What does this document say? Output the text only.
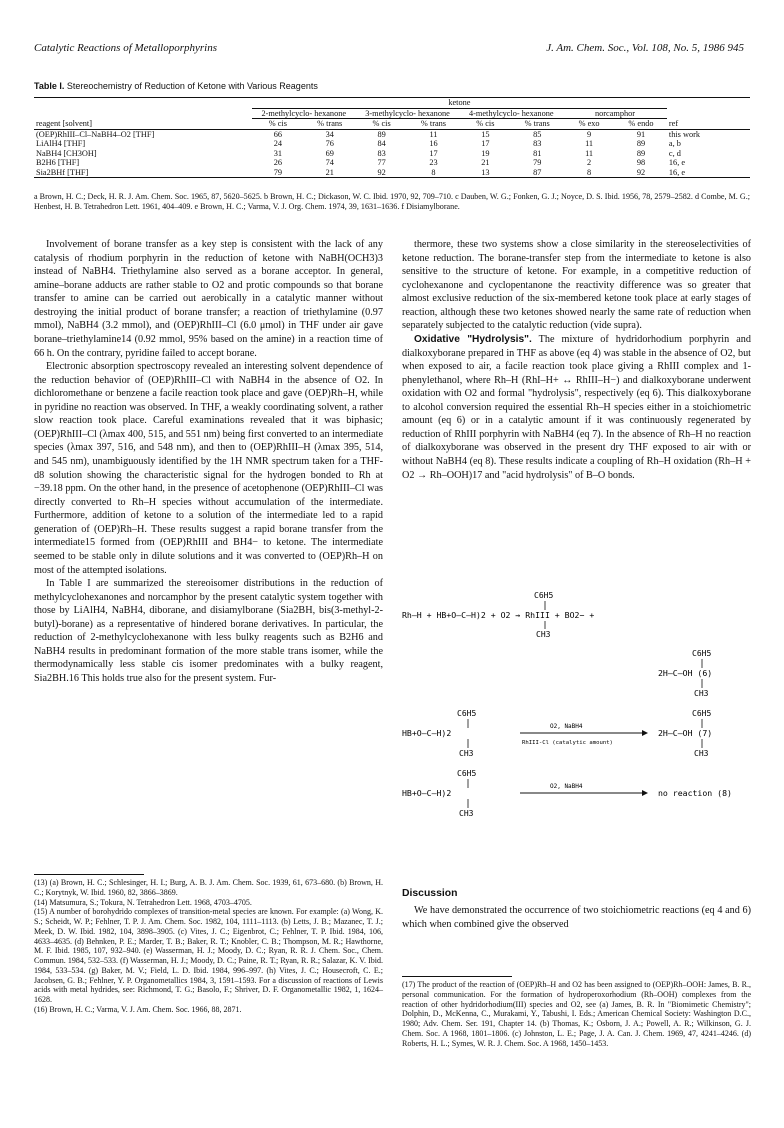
Catalytic Reactions of Metalloporphyrins	J. Am. Chem. Soc., Vol. 108, No. 5, 1986 945
Table I. Stereochemistry of Reduction of Ketone with Various Reagents
	ketone								
	2-methylcyclo- hexanone		3-methylcyclo- hexanone		4-methylcyclo- hexanone		norcamphor		
reagent [solvent]	% cis	% trans	% cis	% trans	% cis	% trans	% exo	% endo	ref
(OEP)RhIII–Cl–NaBH4–O2 [THF]	66	34	89	11	15	85	9	91	this work
LiAlH4 [THF]	24	76	84	16	17	83	11	89	a, b
NaBH4 [CH3OH]	31	69	83	17	19	81	11	89	c, d
B2H6 [THF]	26	74	77	23	21	79	2	98	16, e
Sia2BHf [THF]	79	21	92	8	13	87	8	92	16, e
a Brown, H. C.; Deck, H. R. J. Am. Chem. Soc. 1965, 87, 5620–5625. b Brown, H. C.; Dickason, W. C. Ibid. 1970, 92, 709–710. c Dauben, W. G.; Fonken, G. J.; Noyce, D. S. Ibid. 1956, 78, 2579–2582. d Combe, M. G.; Henbest, H. B. Tetrahedron Lett. 1961, 404–409. e Brown, H. C.; Varma, V. J. Org. Chem. 1974, 39, 1631–1636. f Disiamylborane.

Involvement of borane transfer as a key step is consistent with the lack of any catalysis of rhodium porphyrin in the reduction of ketone with NaBH(OCH3)3 instead of NaBH4. Triethylamine also served as a borane acceptor. In general, amine–borane adducts are rather stable to O2 and protic compounds so that borane transfer to amine can be carried out aerobically in a catalytic manner without destroying the initial product of borane transfer; a reaction of triethylamine (0.97 mmol), NaBH4 (3.2 mmol), and (OEP)RhIII–Cl (6.0 μmol) in THF under air gave borane–triethylamine14 (0.92 mmol, 95% based on the amine) in a reaction time of 66 h. On the contrary, pyridine failed to accept borane.

Electronic absorption spectroscopy revealed an interesting solvent dependence of the reduction behavior of (OEP)RhIII–Cl with NaBH4 in the absence of O2. In dichloromethane or benzene a facile reaction took place and gave (OEP)Rh–H, while in pyridine no reaction was observed. In THF, a weakly coordinating solvent, a rather slow reaction took place. Careful examinations revealed that it was biphasic; (OEP)RhIII–Cl (λmax 400, 515, and 551 nm) being first converted to an intermediate species (λmax 397, 516, and 548 nm), and then to (OEP)RhIII–H (λmax 395, 514, and 545 nm), unambiguously identified by the 1H NMR spectrum taken for a THF-d8 solution showing the characteristic signal for the hydrogen bonded to Rh at −39.18 ppm. On the other hand, in the presence of acetophenone (OEP)RhIII–Cl was directly converted to Rh–H species without accumulation of the intermediate. Furthermore, addition of ketone to a solution of the intermediate led to a rapid generation of (OEP)Rh–H. These results suggest a rapid borane transfer from the intermediate15 formed from (OEP)RhIII and BH4− to ketone. The intermediate seemed to be stable only in dilute solutions and it was converted to (OEP)Rh–H on most of the attempted isolations.

In Table I are summarized the stereoisomer distributions in the reduction of methylcyclohexanones and norcamphor by the present catalytic system together with those by LiAlH4, NaBH4, diborane, and disiamylborane (Sia2BH, bis(3-methyl-2-butyl)-borane) as a representative of hindered borane derivatives. In particular, the reduction of 2-methylcyclohexanone with less bulky reagents such as B2H6 and NaBH4 results in predominant formation of the more stable trans isomer, while the thermodynamically less stable cis isomer predominates with a bulky reagent, Sia2BH.16 This holds true also for the present system. Fur-

(13) (a) Brown, H. C.; Schlesinger, H. I.; Burg, A. B. J. Am. Chem. Soc. 1939, 61, 673–680. (b) Brown, H. C.; Korytnyk, W. Ibid. 1960, 82, 3866–3869.
(14) Matsumura, S.; Tokura, N. Tetrahedron Lett. 1968, 4703–4705.
(15) A number of borohydrido complexes of transition-metal species are known. For example: (a) Wong, K. S.; Scheidt, W. P.; Fehlner, T. P. J. Am. Chem. Soc. 1982, 104, 1111–1113. (b) Letts, J. B.; Mazanec, T. J.; Meek, D. W. Ibid. 1982, 104, 3898–3905. (c) Vites, J. C.; Eigenbrot, C.; Fehlner, T. P. Ibid. 1984, 106, 4633–4635. (d) Behnken, P. E.; Marder, T. B.; Baker, R. T.; Knobler, C. B.; Thompson, M. R.; Hawthorne, M. F. Ibid. 1985, 107, 932–940. (e) Wasserman, H. J.; Moody, D. C.; Ryan, R. R. J. Chem. Soc., Chem. Commun. 1984, 532–533. (f) Wasserman, H. J.; Moody, D. C.; Paine, R. T.; Ryan, R. R.; Salazar, K. V. Ibid. 1984, 533–534. (g) Baker, M. V.; Field, L. D. Ibid. 1984, 996–997. (h) Vites, J. C.; Housecroft, C. E.; Jacobsen, G. B.; Fehlner, Y. P. Organometallics 1984, 3, 1591–1593. For a discussion of reactions of Lewis acids with metal hydrides, see: Richmond, T. G.; Basolo, F.; Shriver, D. F. Organometallic 1982, 1, 1624–1628.
(16) Brown, H. C.; Varma, V. J. Am. Chem. Soc. 1966, 88, 2871.

thermore, these two systems show a close similarity in the stereoselectivities of ketone reduction. The borane-transfer step from the intermediate to ketone is also sensitive to the structure of ketone. For example, in a competitive reduction of cyclohexanone and cyclopentanone the reactivity difference was so greater that almost exclusive reduction of the six-membered ketone took place at early stages of reaction, although these two ketones showed nearly the same rate of reduction when separately subjected to the catalytic reduction (vide supra).

Oxidative "Hydrolysis". The mixture of hydridorhodium porphyrin and dialkoxyborane prepared in THF as above (eq 4) was stable in the absence of O2, but when exposed to air, a facile reaction took place giving a RhIII complex and 1-phenylethanol, where Rh–H (RhI–H+ ↔ RhIII–H−) and dialkoxyborane underwent oxidation with O2 and formal "hydrolysis", respectively (eq 6). This dialkoxyborane to alcohol conversion required the essential Rh–H species either in a stoichiometric amount (eq 6) or in a catalytic amount if it was continuously regenerated by reduction of RhIII porphyrin with NaBH4 (eq 7). In the absence of Rh–H no reaction of dialkoxyborane was observed in the present dry THF exposed to air with or without NaBH4 (eq 8). These results indicate a coupling of Rh–H oxidation (Rh–H + O2 → Rh–OOH)17 and "acid hydrolysis" of B–O bonds.

C6H5
Rh—H + HB+O—C—H)2 + O2 → RhIII + BO2− +
CH3
C6H5
2H—C—OH (6)
CH3
C6H5
HB+O—C—H)2
CH3
O2, NaBH4
RhIII-Cl (catalytic amount)
C6H5
2H—C—OH (7)
CH3
C6H5
HB+O—C—H)2
CH3
O2, NaBH4
no reaction (8)
Discussion
We have demonstrated the occurrence of two stoichiometric reactions (eq 4 and 6) which when combined give the observed
(17) The product of the reaction of (OEP)Rh–H and O2 has been assigned to (OEP)Rh–OOH: James, B. R., personal communication. For the formation of hydroperoxorhodium (Rh–OOH) complexes from the reaction of other hydridorhodium(III) species and O2, see (a) James, B. R. In "Biomimetic Chemistry"; Dolphin, D., McKenna, C., Murakami, Y., Tabushi, I. Eds.; American Chemical Society: Washington D.C., 1980; Adv. Chem. Ser. 191, Chapter 14. (b) Thomas, K.; Osborn, J. A.; Powell, A. R.; Wilkinson, G. J. Chem. Soc. A 1968, 1801–1806. (c) Johnston, L. E.; Page, J. A. Can. J. Chem. 1969, 47, 4241–4246. (d) Roberts, H. L.; Symes, W. R. J. Chem. Soc. A 1968, 1450–1453.
